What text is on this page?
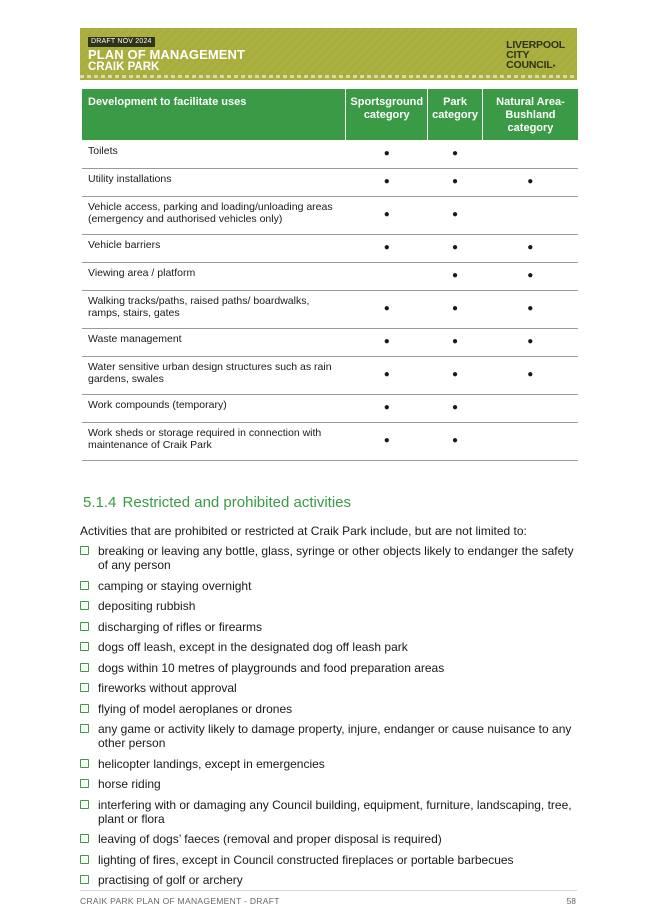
DRAFT NOV 2024
PLAN OF MANAGEMENT
CRAIK PARK
LIVERPOOL
CITY
COUNCIL●
Development to facilitate uses	Sportsground category	Park category	Natural Area-Bushland category

Toilets	●	●	

Utility installations	●	●	●

Vehicle access, parking and loading/unloading areas (emergency and authorised vehicles only)	●	●	

Vehicle barriers	●	●	●

Viewing area / platform		●	●

Walking tracks/paths, raised paths/ boardwalks, ramps, stairs, gates	●	●	●

Waste management	●	●	●

Water sensitive urban design structures such as rain gardens, swales	●	●	●

Work compounds (temporary)	●	●	

Work sheds or storage required in connection with maintenance of Craik Park	●	●	
5.1.4 Restricted and prohibited activities

Activities that are prohibited or restricted at Craik Park include, but are not limited to:

breaking or leaving any bottle, glass, syringe or other objects likely to endanger the safety of any person
camping or staying overnight
depositing rubbish
discharging of rifles or firearms
dogs off leash, except in the designated dog off leash park
dogs within 10 metres of playgrounds and food preparation areas
fireworks without approval
flying of model aeroplanes or drones
any game or activity likely to damage property, injure, endanger or cause nuisance to any other person
helicopter landings, except in emergencies
horse riding
interfering with or damaging any Council building, equipment, furniture, landscaping, tree, plant or flora
leaving of dogs’ faeces (removal and proper disposal is required)
lighting of fires, except in Council constructed fireplaces or portable barbecues
practising of golf or archery
CRAIK PARK PLAN OF MANAGEMENT - DRAFT	58
